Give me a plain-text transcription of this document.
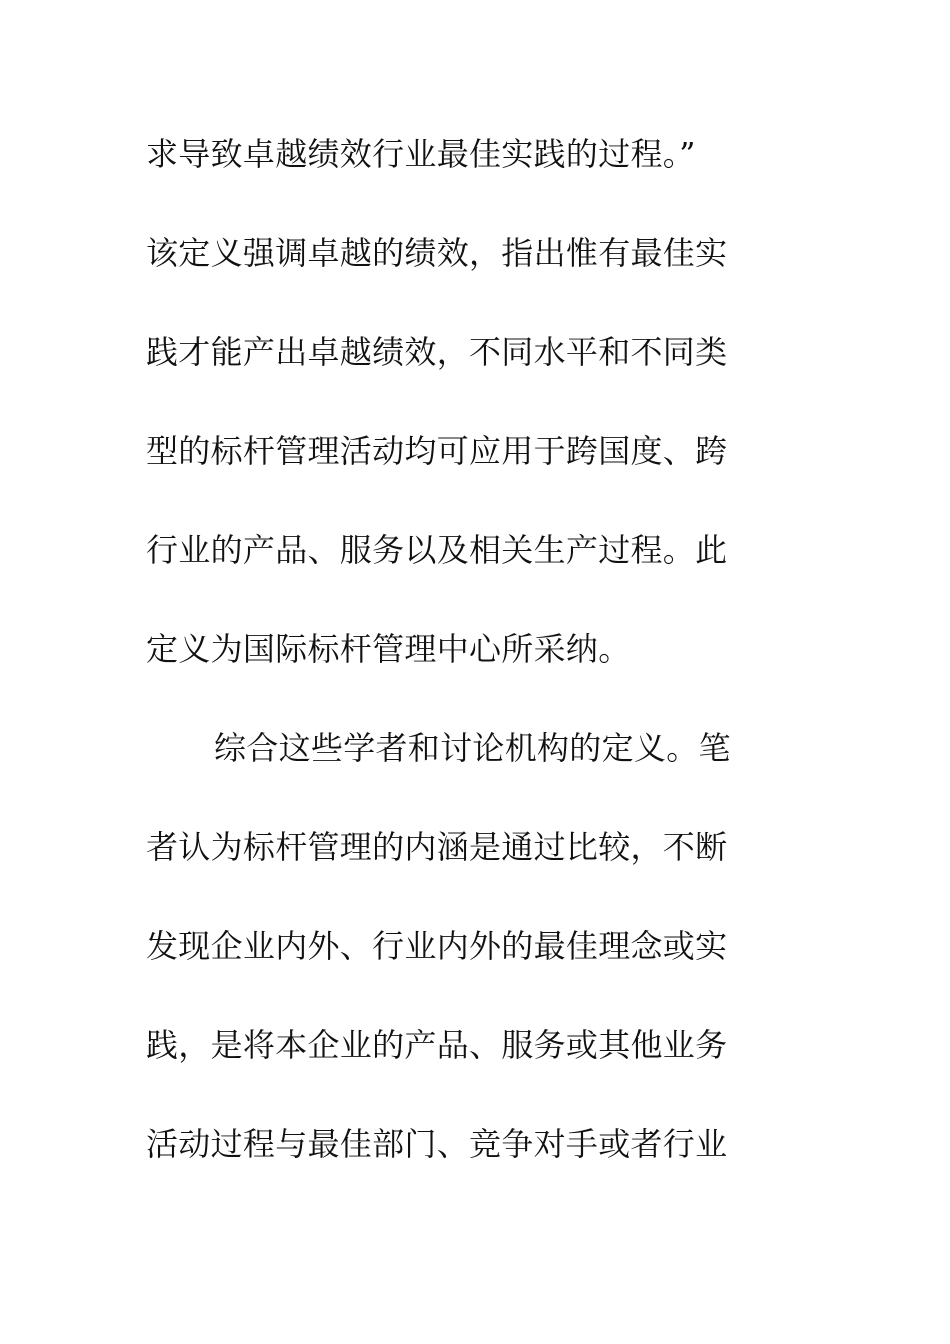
求导致卓越绩效行业最佳实践的过程。”
该定义强调卓越的绩效，指出惟有最佳实
践才能产出卓越绩效，不同水平和不同类
型的标杆管理活动均可应用于跨国度、跨
行业的产品、服务以及相关生产过程。此
定义为国际标杆管理中心所采纳。
综合这些学者和讨论机构的定义。笔
者认为标杆管理的内涵是通过比较，不断
发现企业内外、行业内外的最佳理念或实
践，是将本企业的产品、服务或其他业务
活动过程与最佳部门、竞争对手或者行业
